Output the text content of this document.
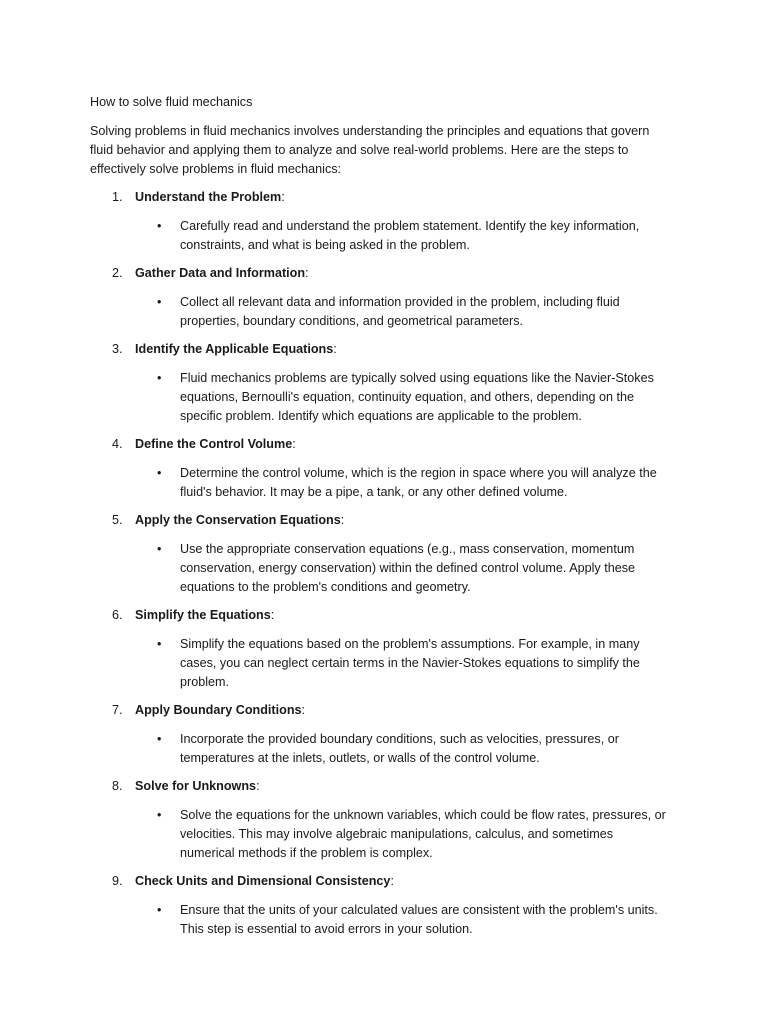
How to solve fluid mechanics

Solving problems in fluid mechanics involves understanding the principles and equations that govern fluid behavior and applying them to analyze and solve real-world problems. Here are the steps to effectively solve problems in fluid mechanics:

1. Understand the Problem:
•	Carefully read and understand the problem statement. Identify the key information, constraints, and what is being asked in the problem.
2. Gather Data and Information:
•	Collect all relevant data and information provided in the problem, including fluid properties, boundary conditions, and geometrical parameters.
3. Identify the Applicable Equations:
•	Fluid mechanics problems are typically solved using equations like the Navier-Stokes equations, Bernoulli's equation, continuity equation, and others, depending on the specific problem. Identify which equations are applicable to the problem.
4. Define the Control Volume:
•	Determine the control volume, which is the region in space where you will analyze the fluid's behavior. It may be a pipe, a tank, or any other defined volume.
5. Apply the Conservation Equations:
•	Use the appropriate conservation equations (e.g., mass conservation, momentum conservation, energy conservation) within the defined control volume. Apply these equations to the problem's conditions and geometry.
6. Simplify the Equations:
•	Simplify the equations based on the problem's assumptions. For example, in many cases, you can neglect certain terms in the Navier-Stokes equations to simplify the problem.
7. Apply Boundary Conditions:
•	Incorporate the provided boundary conditions, such as velocities, pressures, or temperatures at the inlets, outlets, or walls of the control volume.
8. Solve for Unknowns:
•	Solve the equations for the unknown variables, which could be flow rates, pressures, or velocities. This may involve algebraic manipulations, calculus, and sometimes numerical methods if the problem is complex.
9. Check Units and Dimensional Consistency:
•	Ensure that the units of your calculated values are consistent with the problem's units. This step is essential to avoid errors in your solution.
